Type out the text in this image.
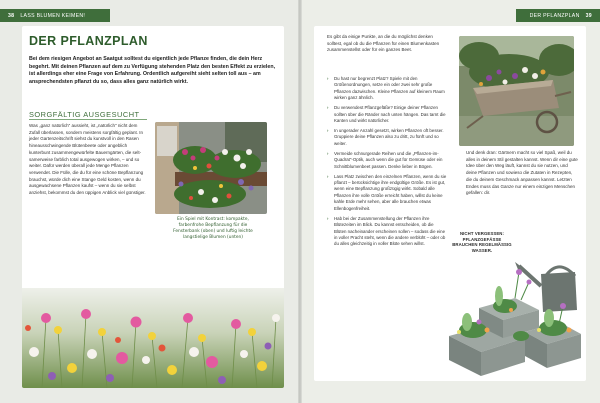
38 LASS BLUMEN KEIMEN!
DER PFLANZPLAN
Bei dem riesigen Angebot an Saatgut solltest du eigentlich jede Pflanze finden, die dein Herz begehrt. Mit deinen Pflanzen auf dem zu Verfügung stehenden Platz den besten Effekt zu erzielen, ist allerdings eher eine Frage von Erfahrung. Ordentlich aufgereiht sieht selten toll aus – am ansprechendsten pflanzt du so, dass alles ganz natürlich wirkt.
SORGFÄLTIG AUSGESUCHT
Was „ganz natürlich" aussieht, ist „natürlich" nicht dem Zufall überlassen, sondern meistens sorgfältig geplant. In jeder Gartenzeitschrift siehst du kunstvoll in den Rasen hineausschwingende Blütenbeete oder angeblich kunterbunt zusammengewürfelte Bauerngärten, die selt-samerweise farblich total ausgewogen wirken, – und so weiter. Dafür werden überall jede Menge Pflanzen verwendet. Die Fülle, die du für eine schöne Bepflanzung brauchst, würde dich eine Stange Geld kosten, wenn du ausgewachsene Pflanzen kaufst – wenn du sie selbst anziehst, bekommst du den üppigen Anblick viel günstiger.
Ein Spiel mit Kontrast: kompakte, farbenfrohe Bepflanzung für die Fensterbank (oben) und luftig leichte langstielige Blumen (unten)
DER PFLANZPLAN 39
Es gibt da einige Punkte, an die du möglichst denken solltest, egal ob du die Pflanzen für einen Blumenkasten zusammenstellst oder für ein ganzes Beet.
› Du hast nur begrenzt Platz? Spiele mit den Größenordnungen, setze ein oder zwei sehr große Pflanzen dazwischen. Kleine Pflanzen auf kleinem Raum wirken ganz ähnlich.
› Du verwendest Pflanzgefäße? Einige deiner Pflanzen sollten über die Ränder nach unten hängen. Das tarnt die Kanten und wirkt natürlicher.
› In ungerader Anzahl gesetzt, wirken Pflanzen oft besser. Gruppiere deine Pflanzen also zu dritt, zu fünft und so weiter.
› Vermeide schnurgerade Reihen und die „Pflanzen-im-Quadrat"-Optik, auch wenn die gut für Gemüse oder ein Schnittblumenbeet passen. Denke lieber in Bögen.
› Lass Platz zwischen den einzelnen Pflanzen, wenn du sie pflanzt – berücksichtige ihre endgültige Größe. Es ist gut, wenn eine Bepflanzung großzügig wirkt. Sobald alle Pflanzen ihre volle Größe erreicht haben, willst du keine kahle Erde mehr sehen, aber alle brauchen etwas Ellenbogenfreiheit.
› Hab bei der Zusammenstellung der Pflanzen ihre Blütezeiten im Blick. Du kannst entscheiden, ob die Blüten nacheinander erscheinen sollen – sodass die eine in voller Pracht steht, wenn die andere verblüht – oder ob du alles gleichzeitig in voller Blüte sehen willst.
Und denk dran: Gärtnern macht so viel Spaß, weil du alles in deinem Stil gestalten kannst. Wenn dir eine gute Idee über den Weg läuft, kannst du sie nutzen, und deine Pflanzen und sowieso die Zutaten in Rezepten, die du deinem Geschmack anpassen kannst. Letzten Endes muss das Ganze nur einem einzigen Menschen gefallen: dir.
NICHT VERGESSEN: PFLANZGEFÄSSE BRAUCHEN REGELMÄSSIG WASSER.
